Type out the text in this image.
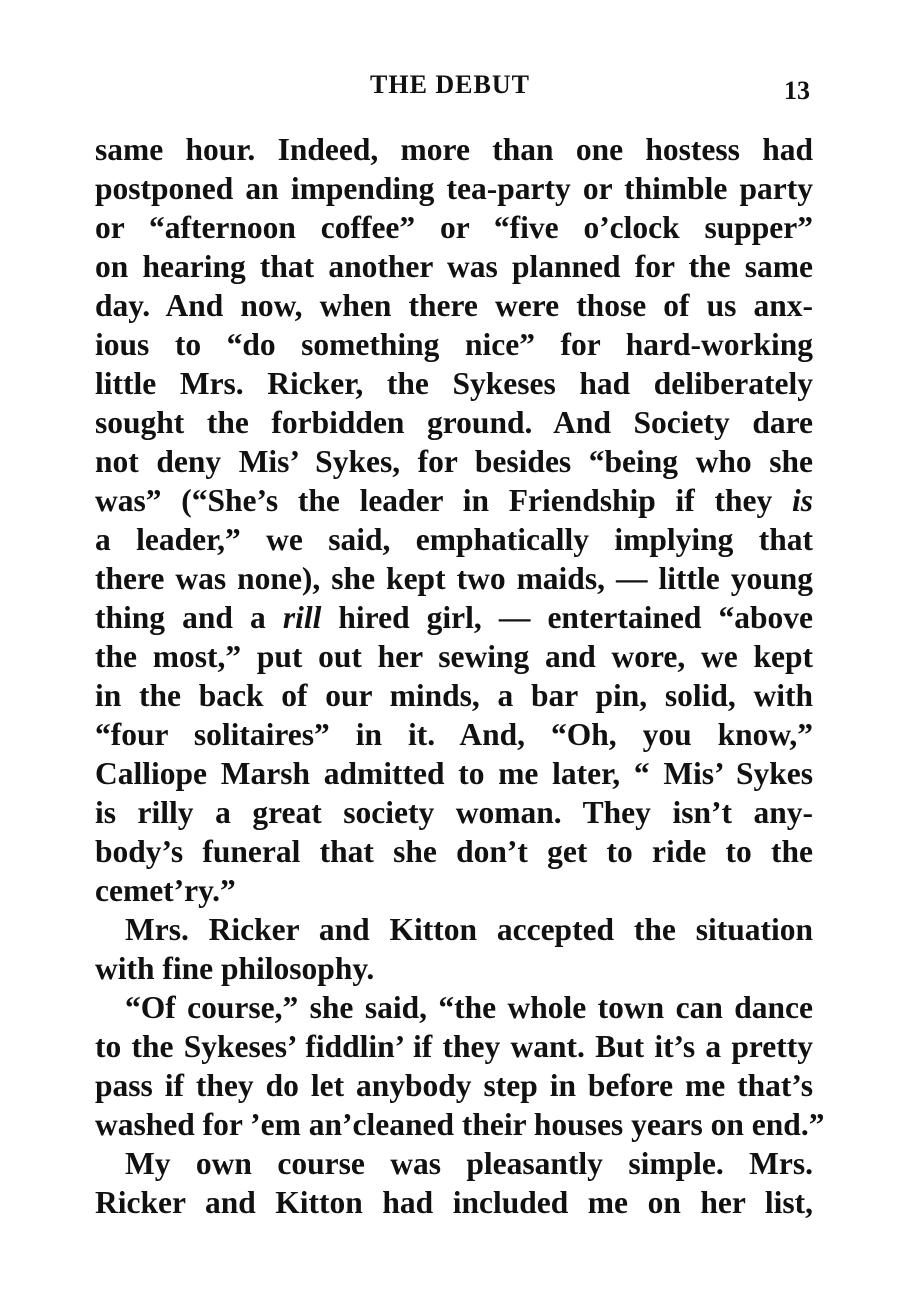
THE DEBUT	13
same hour. Indeed, more than one hostess had
postponed an impending tea-party or thimble party
or “afternoon coffee” or “five o’clock supper”
on hearing that another was planned for the same
day. And now, when there were those of us anx-
ious to “do something nice” for hard-working
little Mrs. Ricker, the Sykeses had deliberately
sought the forbidden ground. And Society dare
not deny Mis’ Sykes, for besides “being who she
was” (“She’s the leader in Friendship if they is
a leader,” we said, emphatically implying that
there was none), she kept two maids, — little young
thing and a rill hired girl, — entertained “above
the most,” put out her sewing and wore, we kept
in the back of our minds, a bar pin, solid, with
“four solitaires” in it. And, “Oh, you know,”
Calliope Marsh admitted to me later, “ Mis’ Sykes
is rilly a great society woman. They isn’t any-
body’s funeral that she don’t get to ride to the
cemet’ry.”
Mrs. Ricker and Kitton accepted the situation
with fine philosophy.
“Of course,” she said, “the whole town can dance
to the Sykeses’ fiddlin’ if they want. But it’s a pretty
pass if they do let anybody step in before me that’s
washed for ’em an’cleaned their houses years on end.”
My own course was pleasantly simple. Mrs.
Ricker and Kitton had included me on her list,
